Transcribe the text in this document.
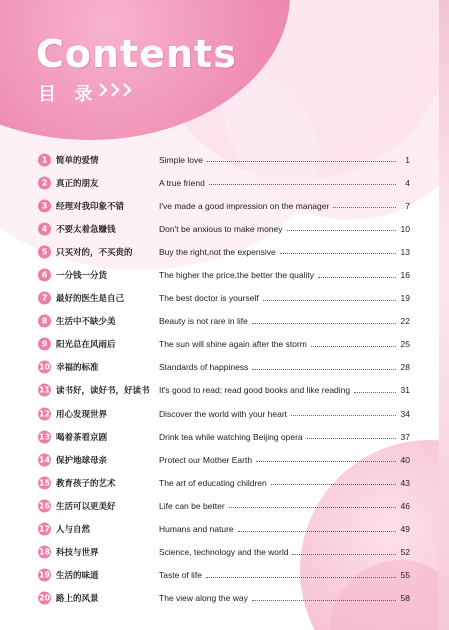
Contents
目 录
1	简单的爱情	Simple love	1
2	真正的朋友	A true friend	4
3	经理对我印象不错	I've made a good impression on the manager	7
4	不要太着急赚钱	Don't be anxious to make money	10
5	只买对的，不买贵的	Buy the right,not the expensive	13
6	一分钱一分货	The higher the price,the better the quality	16
7	最好的医生是自己	The best doctor is yourself	19
8	生活中不缺少美	Beauty is not rare in life	22
9	阳光总在风雨后	The sun will shine again after the storm	25
10 幸福的标准	Standards of happiness	28
11 读书好，读好书，好读书 It's good to read; read good books and like reading	31
12 用心发现世界	Discover the world with your heart	34
13 喝着茶看京剧	Drink tea while watching Beijing opera	37
14 保护地球母亲	Protect our Mother Earth	40
15 教育孩子的艺术	The art of educating children	43
16 生活可以更美好	Life can be better	46
17 人与自然	Humans and nature	49
18 科技与世界	Science, technology and the world	52
19 生活的味道	Taste of life	55
20 路上的风景	The view along the way	58
